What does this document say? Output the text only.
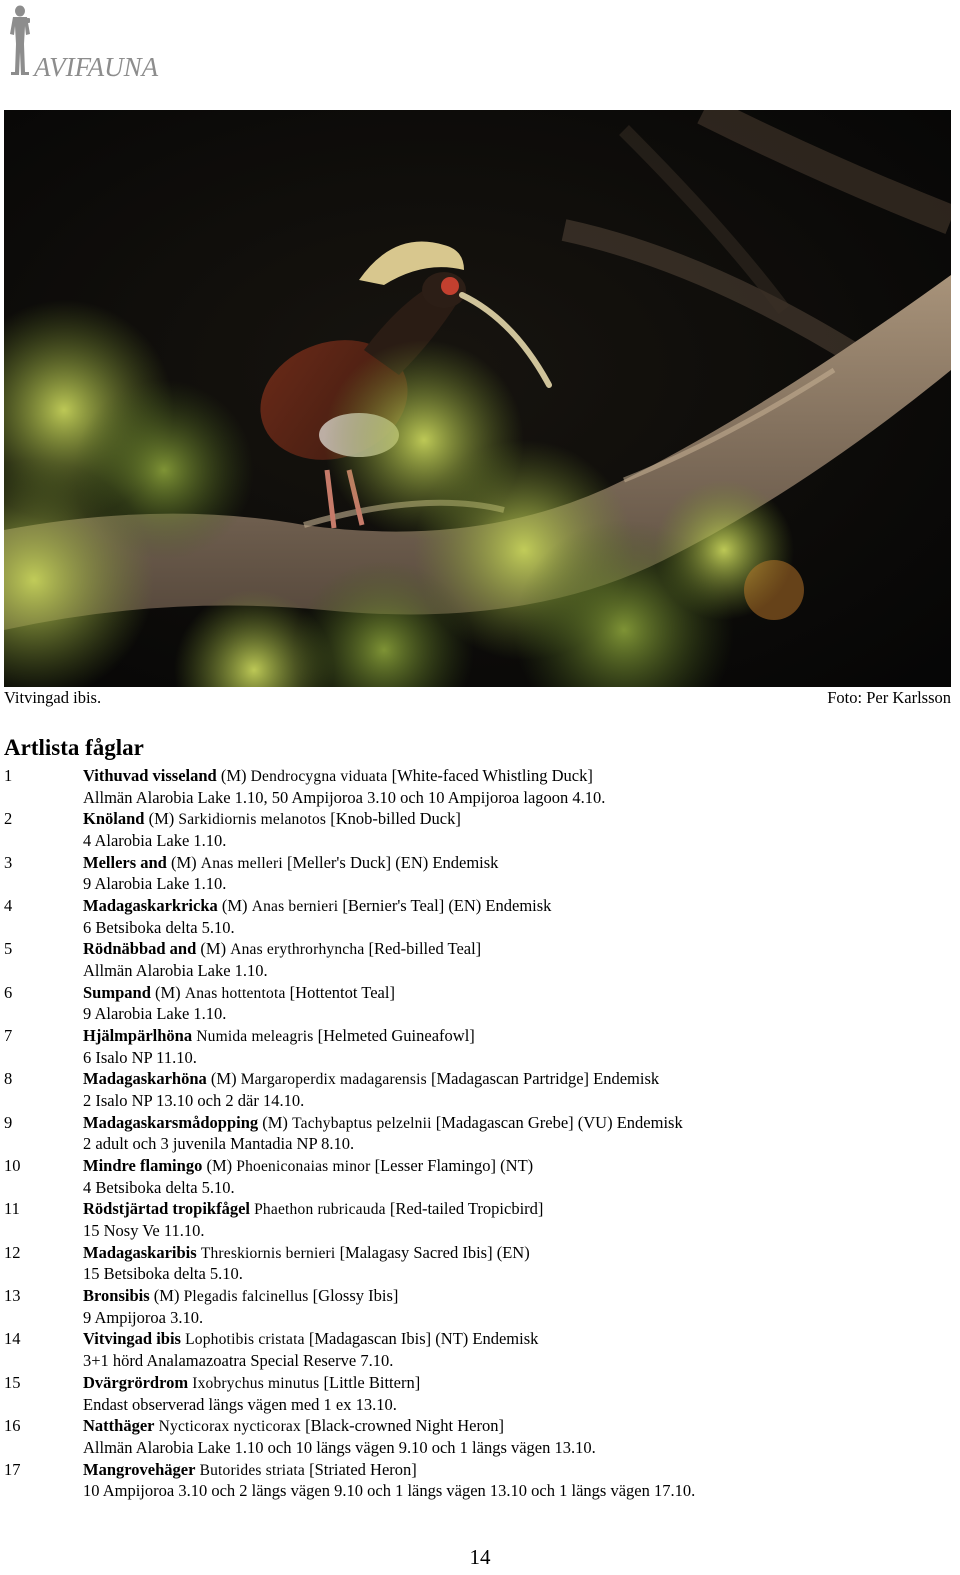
AVIFAUNA
Vitvingad ibis.	Foto: Per Karlsson
Artlista fåglar
1	Vithuvad visseland (M) Dendrocygna viduata [White-faced Whistling Duck]
Allmän Alarobia Lake 1.10, 50 Ampijoroa 3.10 och 10 Ampijoroa lagoon 4.10.
2	Knöland (M) Sarkidiornis melanotos [Knob-billed Duck]
4 Alarobia Lake 1.10.
3	Mellers and (M) Anas melleri [Meller's Duck] (EN) Endemisk
9 Alarobia Lake 1.10.
4	Madagaskarkricka (M) Anas bernieri [Bernier's Teal] (EN) Endemisk
6 Betsiboka delta 5.10.
5	Rödnäbbad and (M) Anas erythrorhyncha [Red-billed Teal]
Allmän Alarobia Lake 1.10.
6	Sumpand (M) Anas hottentota [Hottentot Teal]
9 Alarobia Lake 1.10.
7	Hjälmpärlhöna Numida meleagris [Helmeted Guineafowl]
6 Isalo NP 11.10.
8	Madagaskarhöna (M) Margaroperdix madagarensis [Madagascan Partridge] Endemisk
2 Isalo NP 13.10 och 2 där 14.10.
9	Madagaskarsmådopping (M) Tachybaptus pelzelnii [Madagascan Grebe] (VU) Endemisk
2 adult och 3 juvenila Mantadia NP 8.10.
10	Mindre flamingo (M) Phoeniconaias minor [Lesser Flamingo] (NT)
4 Betsiboka delta 5.10.
11	Rödstjärtad tropikfågel Phaethon rubricauda [Red-tailed Tropicbird]
15 Nosy Ve 11.10.
12	Madagaskaribis Threskiornis bernieri [Malagasy Sacred Ibis] (EN)
15 Betsiboka delta 5.10.
13	Bronsibis (M) Plegadis falcinellus [Glossy Ibis]
9 Ampijoroa 3.10.
14	Vitvingad ibis Lophotibis cristata [Madagascan Ibis] (NT) Endemisk
3+1 hörd Analamazoatra Special Reserve 7.10.
15	Dvärgrördrom Ixobrychus minutus [Little Bittern]
Endast observerad längs vägen med 1 ex 13.10.
16	Natthäger Nycticorax nycticorax [Black-crowned Night Heron]
Allmän Alarobia Lake 1.10 och 10 längs vägen 9.10 och 1 längs vägen 13.10.
17	Mangrovehäger Butorides striata [Striated Heron]
10 Ampijoroa 3.10 och 2 längs vägen 9.10 och 1 längs vägen 13.10 och 1 längs vägen 17.10.
14
